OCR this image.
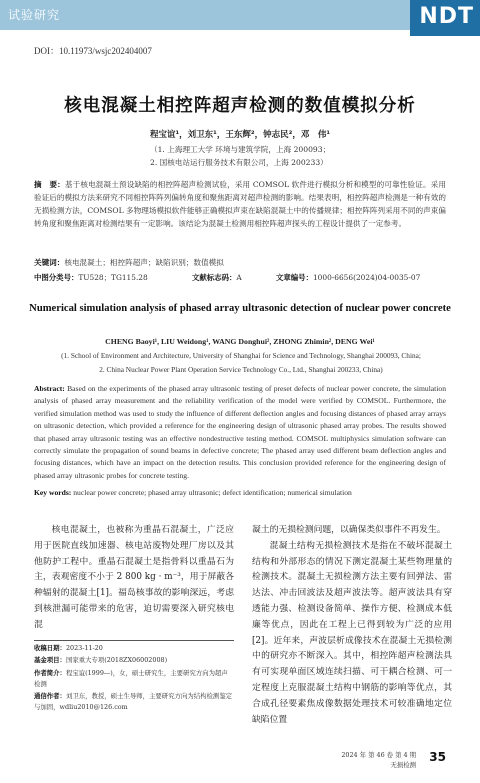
试验研究	NDT
DOI：10.11973/wsjc202404007
核电混凝土相控阵超声检测的数值模拟分析
程宝谊¹，刘卫东¹，王东辉²，钟志民²，邓　伟¹
（1. 上海理工大学 环境与建筑学院，上海 200093；
2. 国核电站运行服务技术有限公司，上海 200233）
摘　要：基于核电混凝土预设缺陷的相控阵超声检测试验，采用 COMSOL 软件进行模拟分析和模型的可靠性验证。采用验证后的模拟方法来研究不同相控阵阵列偏转角度和聚焦距离对超声检测的影响。结果表明，相控阵超声检测是一种有效的无损检测方法，COMSOL 多物理场模拟软件能够正确模拟声束在缺陷混凝土中的传播规律；相控阵阵列采用不同的声束偏转角度和聚焦距离对检测结果有一定影响。该结论为混凝土检测用相控阵超声探头的工程设计提供了一定参考。
关键词：核电混凝土；相控阵超声；缺陷识别；数值模拟
中图分类号：TU528；TG115.28	文献标志码：A	文章编号：1000-6656(2024)04-0035-07
Numerical simulation analysis of phased array ultrasonic detection of nuclear power concrete
CHENG Baoyi¹, LIU Weidong¹, WANG Donghui², ZHONG Zhimin², DENG Wei¹
(1. School of Environment and Architecture, University of Shanghai for Science and Technology, Shanghai 200093, China;
2. China Nuclear Power Plant Operation Service Technology Co., Ltd., Shanghai 200233, China)
Abstract: Based on the experiments of the phased array ultrasonic testing of preset defects of nuclear power concrete, the simulation analysis of phased array measurement and the reliability verification of the model were verified by COMSOL. Furthermore, the verified simulation method was used to study the influence of different deflection angles and focusing distances of phased array arrays on ultrasonic detection, which provided a reference for the engineering design of ultrasonic phased array probes. The results showed that phased array ultrasonic testing was an effective nondestructive testing method. COMSOL multiphysics simulation software can correctly simulate the propagation of sound beams in defective concrete; The phased array used different beam deflection angles and focusing distances, which have an impact on the detection results. This conclusion provided reference for the engineering design of phased array ultrasonic probes for concrete testing.
Key words: nuclear power concrete; phased array ultrasonic; defect identification; numerical simulation
核电混凝土，也被称为重晶石混凝土，广泛应用于医院直线加速器、核电站废物处理厂房以及其他防护工程中。重晶石混凝土是指骨料以重晶石为主，表观密度不小于 2 800 kg · m⁻³，用于屏蔽各种辐射的混凝土[1]。福岛核事故的影响深远，考虑到核泄漏可能带来的危害，迫切需要深入研究核电混

凝土的无损检测问题，以确保类似事件不再发生。

混凝土结构无损检测技术是指在不破坏混凝土结构和外部形态的情况下测定混凝土某些物理量的检测技术。混凝土无损检测方法主要有回弹法、雷达法、冲击回波法及超声波法等。超声波法具有穿透能力强、检测设备简单、操作方便、检测成本低廉等优点，因此在工程上已得到较为广泛的应用[2]。近年来，声波层析成像技术在混凝土无损检测中的研究亦不断深入。其中，相控阵超声检测法具有可实现单面区域连续扫描、可干耦合检测、可一定程度上克服混凝土结构中钢筋的影响等优点，其合成孔径要素焦成像数据处理技术可较准确地定位缺陷位置

收稿日期：2023-11-20
基金项目：国家重大专项(2018ZX06002008)
作者简介：程宝谊(1999—)，女，硕士研究生，主要研究方向为超声检测
通信作者：刘卫东，教授，硕士生导师，主要研究方向为结构检测鉴定与加固，wdliu2010@126.com
2024 年 第 46 卷 第 4 期
无损检测
35
